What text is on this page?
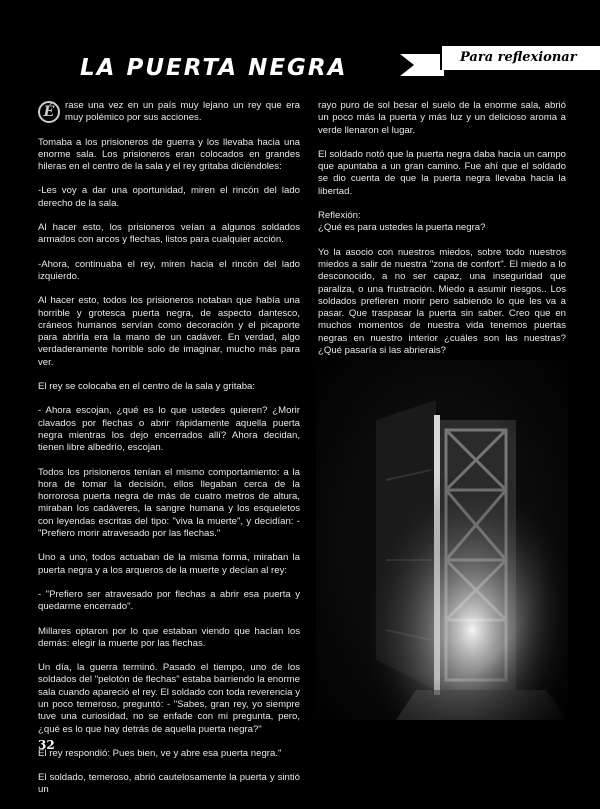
LA PUERTA NEGRA	Para reflexionar

É	rase una vez en un país muy lejano un rey que era muy polémico por sus acciones.

Tomaba a los prisioneros de guerra y los llevaba hacia una enorme sala. Los prisioneros eran colocados en grandes hileras en el centro de la sala y el rey gritaba diciéndoles:

-Les voy a dar una oportunidad, miren el rincón del lado derecho de la sala.

Al hacer esto, los prisioneros veían a algunos soldados armados con arcos y flechas, listos para cualquier acción.

-Ahora, continuaba el rey, miren hacia el rincón del lado izquierdo.

Al hacer esto, todos los prisioneros notaban que había una horrible y grotesca puerta negra, de aspecto dantesco, cráneos humanos servían como decoración y el picaporte para abrirla era la mano de un cadáver. En verdad, algo verdaderamente horrible solo de imaginar, mucho más para ver.

El rey se colocaba en el centro de la sala y gritaba:

- Ahora escojan, ¿qué es lo que ustedes quieren? ¿Morir clavados por flechas o abrir rápidamente aquella puerta negra mientras los dejo encerrados allí? Ahora decidan, tienen libre albedrío, escojan.

Todos los prisioneros tenían el mismo comportamiento: a la hora de tomar la decisión, ellos llegaban cerca de la horrorosa puerta negra de más de cuatro metros de altura, miraban los cadáveres, la sangre humana y los esqueletos con leyendas escritas del tipo: "viva la muerte", y decidían: -"Prefiero morir atravesado por las flechas."

Uno a uno, todos actuaban de la misma forma, miraban la puerta negra y a los arqueros de la muerte y decían al rey:

- "Prefiero ser atravesado por flechas a abrir esa puerta y quedarme encerrado".

Millares optaron por lo que estaban viendo que hacían los demás: elegir la muerte por las flechas.

Un día, la guerra terminó. Pasado el tiempo, uno de los soldados del "pelotón de flechas" estaba barriendo la enorme sala cuando apareció el rey. El soldado con toda reverencia y un poco temeroso, preguntó: - "Sabes, gran rey, yo siempre tuve una curiosidad, no se enfade con mi pregunta, pero, ¿qué es lo que hay detrás de aquella puerta negra?"

El rey respondió: Pues bien, ve y abre esa puerta negra."

El soldado, temeroso, abrió cautelosamente la puerta y sintió un

rayo puro de sol besar el suelo de la enorme sala, abrió un poco más la puerta y más luz y un delicioso aroma a verde llenaron el lugar.

El soldado notó que la puerta negra daba hacia un campo que apuntaba a un gran camino. Fue ahí que el soldado se dio cuenta de que la puerta negra llevaba hacia la libertad.

Reflexión:
¿Qué es para ustedes la puerta negra?

Yo la asocio con nuestros miedos, sobre todo nuestros miedos a salir de nuestra "zona de confort". El miedo a lo desconocido, a no ser capaz, una inseguridad que paraliza, o una frustración. Miedo a asumir riesgos.. Los soldados prefieren morir pero sabiendo lo que les va a pasar. Que traspasar la puerta sin saber. Creo que en muchos momentos de nuestra vida tenemos puertas negras en nuestro interior ¿cuáles son las nuestras? ¿Qué pasaría si las abrierais?

32
